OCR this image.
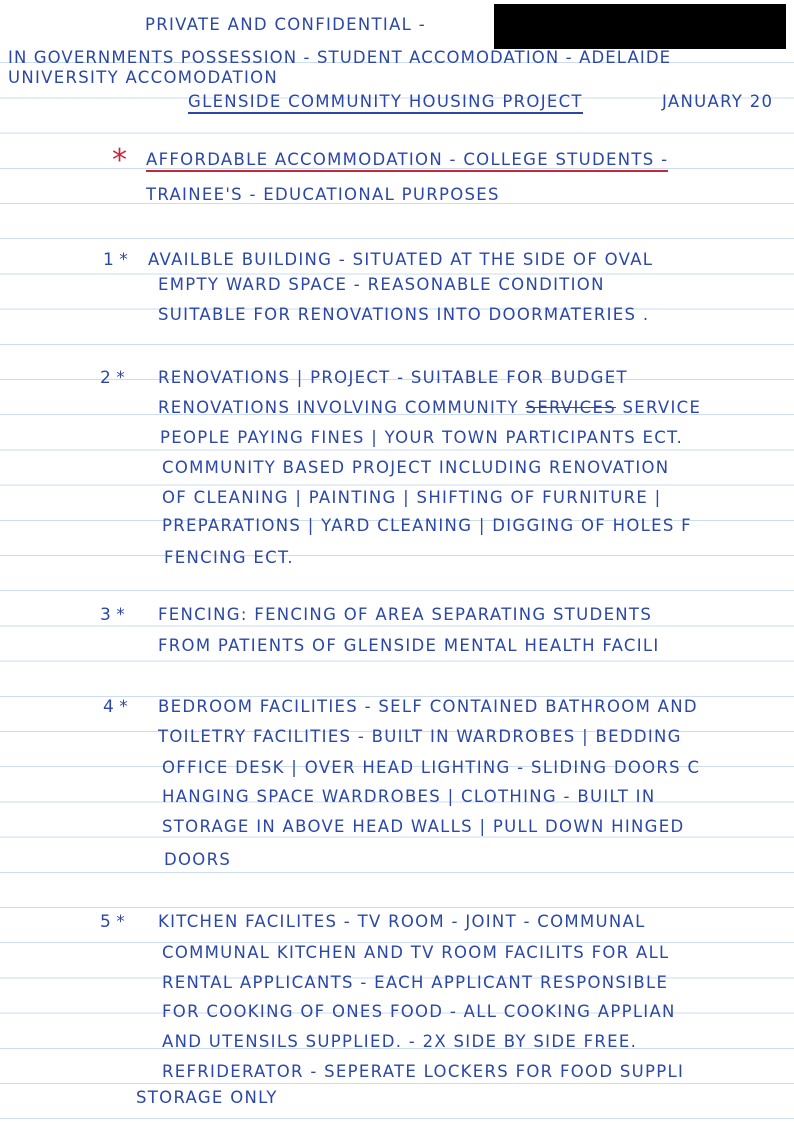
PRIVATE AND CONFIDENTIAL -
IN GOVERNMENTS POSSESSION - STUDENT ACCOMODATION - ADELAIDE
UNIVERSITY ACCOMODATION
GLENSIDE COMMUNITY HOUSING PROJECT	JANUARY 20
* AFFORDABLE ACCOMMODATION - COLLEGE STUDENTS -
TRAINEE'S - EDUCATIONAL PURPOSES
1 * AVAILBLE BUILDING - SITUATED AT THE SIDE OF OVAL
EMPTY WARD SPACE - REASONABLE CONDITION
SUITABLE FOR RENOVATIONS INTO DOORMATERIES .
2 * RENOVATIONS | PROJECT - SUITABLE FOR BUDGET
RENOVATIONS INVOLVING COMMUNITY SERVICES SERVICE
PEOPLE PAYING FINES | YOUR TOWN PARTICIPANTS ECT.
COMMUNITY BASED PROJECT INCLUDING RENOVATION
OF CLEANING | PAINTING | SHIFTING OF FURNITURE |
PREPARATIONS | YARD CLEANING | DIGGING OF HOLES F
FENCING ECT.
3 * FENCING: FENCING OF AREA SEPARATING STUDENTS
FROM PATIENTS OF GLENSIDE MENTAL HEALTH FACILI
4 * BEDROOM FACILITIES - SELF CONTAINED BATHROOM AND
TOILETRY FACILITIES - BUILT IN WARDROBES | BEDDING
OFFICE DESK | OVER HEAD LIGHTING - SLIDING DOORS C
HANGING SPACE WARDROBES | CLOTHING - BUILT IN
STORAGE IN ABOVE HEAD WALLS | PULL DOWN HINGED
DOORS
5 * KITCHEN FACILITES - TV ROOM - JOINT - COMMUNAL
COMMUNAL KITCHEN AND TV ROOM FACILITS FOR ALL
RENTAL APPLICANTS - EACH APPLICANT RESPONSIBLE
FOR COOKING OF ONES FOOD - ALL COOKING APPLIAN
AND UTENSILS SUPPLIED. - 2X SIDE BY SIDE FREE.
REFRIDERATOR - SEPERATE LOCKERS FOR FOOD SUPPLI
STORAGE ONLY
